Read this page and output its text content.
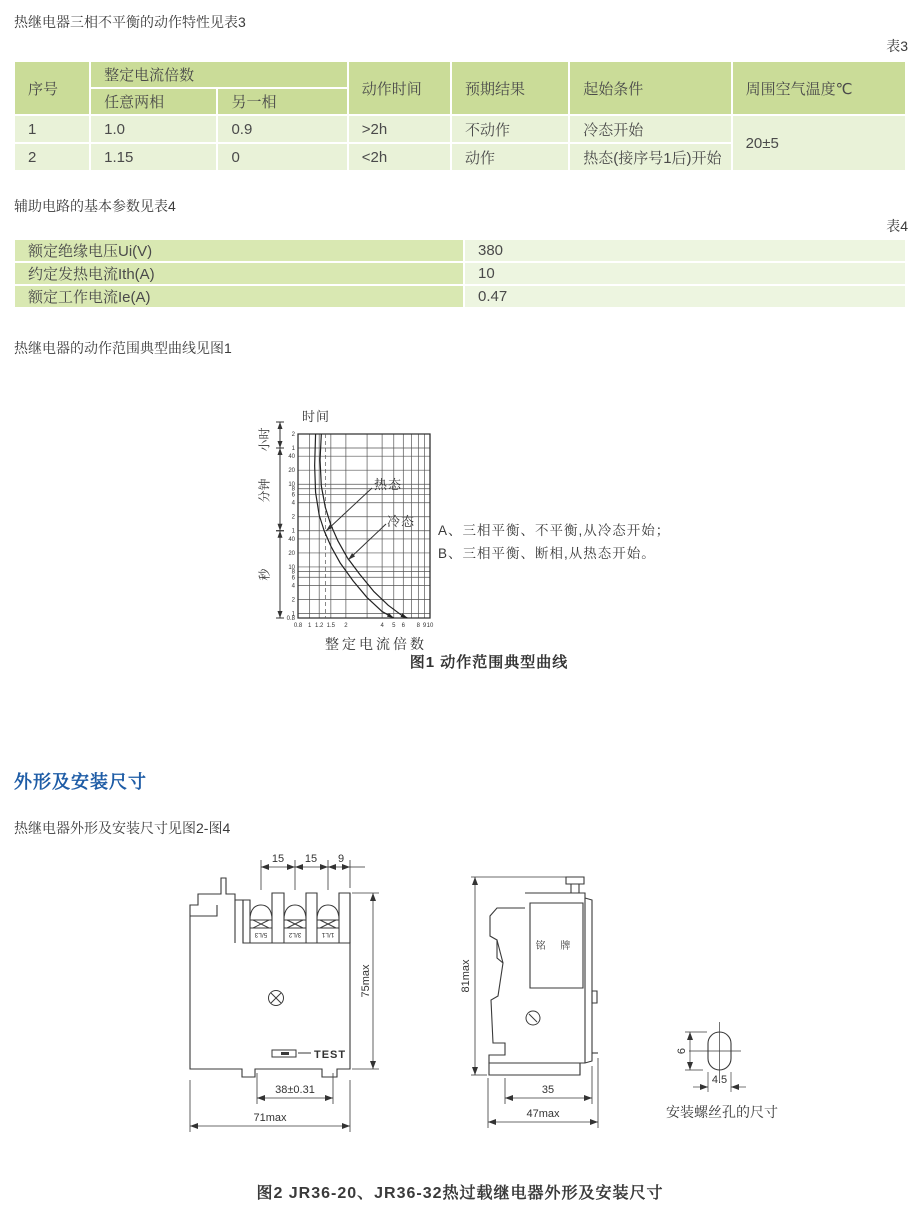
热继电器三相不平衡的动作特性见表3
表3
序号	整定电流倍数		动作时间	预期结果	起始条件	周围空气温度℃
	任意两相	另一相				
1	1.0	0.9	>2h	不动作	冷态开始	20±5
2	1.15	0	<2h	动作	热态(接序号1后)开始	
辅助电路的基本参数见表4
表4
额定绝缘电压Ui(V)	380
约定发热电流Ith(A)	10
额定工作电流Ie(A)	0.47
热继电器的动作范围典型曲线见图1
0.8 1 1.2 1.5 2	4 5 6 8 9 10
2
1
40
20
10
8
6
4
2
1
40
20
10
8
6
4
2
1
0.8
时间
小时
分钟
秒
热态
冷态
A、三相平衡、不平衡,从冷态开始；
B、三相平衡、断相,从热态开始。
整定电流倍数
图1 动作范围典型曲线
外形及安装尺寸
热继电器外形及安装尺寸见图2-图4
5/L3	3/L2	1/L1
TEST
15 15 9
75max
38±0.31
71max
铭 牌
81max
35
47max
6
4.5
安装螺丝孔的尺寸
图2 JR36-20、JR36-32热过载继电器外形及安装尺寸
